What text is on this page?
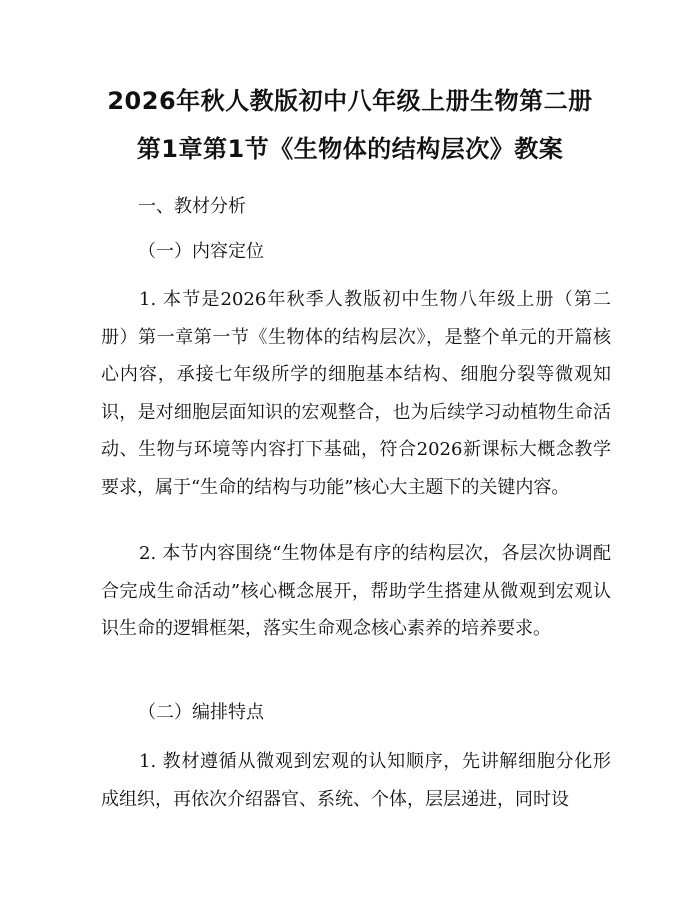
2026年秋人教版初中八年级上册生物第二册
第1章第1节《生物体的结构层次》教案

一、教材分析

（一）内容定位

1. 本节是2026年秋季人教版初中生物八年级上册（第二册）第一章第一节《生物体的结构层次》，是整个单元的开篇核心内容，承接七年级所学的细胞基本结构、细胞分裂等微观知识，是对细胞层面知识的宏观整合，也为后续学习动植物生命活动、生物与环境等内容打下基础，符合2026新课标大概念教学要求，属于“生命的结构与功能”核心大主题下的关键内容。

2. 本节内容围绕“生物体是有序的结构层次，各层次协调配合完成生命活动”核心概念展开，帮助学生搭建从微观到宏观认识生命的逻辑框架，落实生命观念核心素养的培养要求。

（二）编排特点

1. 教材遵循从微观到宏观的认知顺序，先讲解细胞分化形成组织，再依次介绍器官、系统、个体，层层递进，同时设
